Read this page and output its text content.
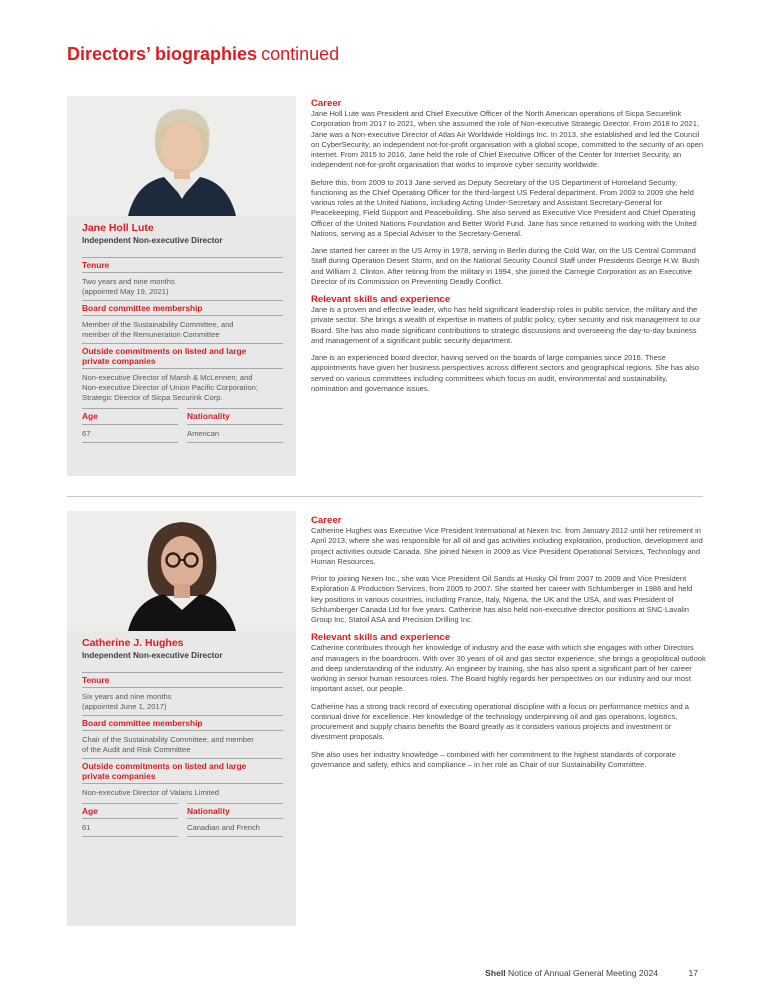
Directors’ biographies continued
Jane Holl Lute
Independent Non-executive Director
Tenure
Two years and nine months
(appointed May 19, 2021)
Board committee membership
Member of the Sustainability Committee, and
member of the Remuneration Committee
Outside commitments on listed and large
private companies
Non-executive Director of Marsh & McLennen; and
Non-executive Director of Union Pacific Corporation;
Strategic Director of Sicpa Securink Corp.
Age
67
Nationality
American
Career
Jane Holl Lute was President and Chief Executive Officer of the North American operations of Sicpa Securelink Corporation from 2017 to 2021, when she assumed the role of Non-executive Strategic Director. From 2018 to 2021, Jane was a Non-executive Director of Atlas Air Worldwide Holdings Inc. In 2013, she established and led the Council on CyberSecurity, an independent not-for-profit organisation with a global scope, committed to the security of an open internet. From 2015 to 2016, Jane held the role of Chief Executive Officer of the Center for Internet Security, an independent not-for-profit organisation that works to improve cyber security worldwide.
Before this, from 2009 to 2013 Jane served as Deputy Secretary of the US Department of Homeland Security, functioning as the Chief Operating Officer for the third-largest US Federal department. From 2003 to 2009 she held various roles at the United Nations, including Acting Under-Secretary and Assistant Secretary-General for Peacekeeping, Field Support and Peacebuilding. She also served as Executive Vice President and Chief Operating Officer of the United Nations Foundation and Better World Fund. Jane has since returned to working with the United Nations, serving as a Special Adviser to the Secretary-General.
Jane started her career in the US Army in 1978, serving in Berlin during the Cold War, on the US Central Command Staff during Operation Desert Storm, and on the National Security Council Staff under Presidents George H.W. Bush and William J. Clinton. After retiring from the military in 1994, she joined the Carnegie Corporation as an Executive Director of its Commission on Preventing Deadly Conflict.
Relevant skills and experience
Jane is a proven and effective leader, who has held significant leadership roles in public service, the military and the private sector. She brings a wealth of expertise in matters of public policy, cyber security and risk management to our Board. She has also made significant contributions to strategic discussions and overseeing the day-to-day business and management of a significant public security department.
Jane is an experienced board director, having served on the boards of large companies since 2016. These appointments have given her business perspectives across different sectors and geographical regions. She has also served on various committees including committees which focus on audit, environmental and sustainability, nomination and governance issues.
Catherine J. Hughes
Independent Non-executive Director
Tenure
Six years and nine months
(appointed June 1, 2017)
Board committee membership
Chair of the Sustainability Committee, and member
of the Audit and Risk Committee
Outside commitments on listed and large
private companies
Non-executive Director of Valaris Limited
Age
61
Nationality
Canadian and French
Career
Catherine Hughes was Executive Vice President International at Nexen Inc. from January 2012 until her retirement in April 2013, where she was responsible for all oil and gas activities including exploration, production, development and project activities outside Canada. She joined Nexen in 2009 as Vice President Operational Services, Technology and Human Resources.
Prior to joining Nexen Inc., she was Vice President Oil Sands at Husky Oil from 2007 to 2009 and Vice President Exploration & Production Services, from 2005 to 2007. She started her career with Schlumberger in 1986 and held key positions in various countries, including France, Italy, Nigeria, the UK and the USA, and was President of Schlumberger Canada Ltd for five years. Catherine has also held non-executive director positions at SNC-Lavalin Group Inc, Statoil ASA and Precision Drilling Inc.
Relevant skills and experience
Catherine contributes through her knowledge of industry and the ease with which she engages with other Directors and managers in the boardroom. With over 30 years of oil and gas sector experience, she brings a geopolitical outlook and deep understanding of the industry. An engineer by training, she has also spent a significant part of her career working in senior human resources roles. The Board highly regards her perspectives on our industry and our most important asset, our people.
Catherine has a strong track record of executing operational discipline with a focus on performance metrics and a continual drive for excellence. Her knowledge of the technology underpinning oil and gas operations, logistics, procurement and supply chains benefits the Board greatly as it considers various projects and investment or divestment proposals.
She also uses her industry knowledge – combined with her commitment to the highest standards of corporate governance and safety, ethics and compliance – in her role as Chair of our Sustainability Committee.
Shell Notice of Annual General Meeting 2024	17
